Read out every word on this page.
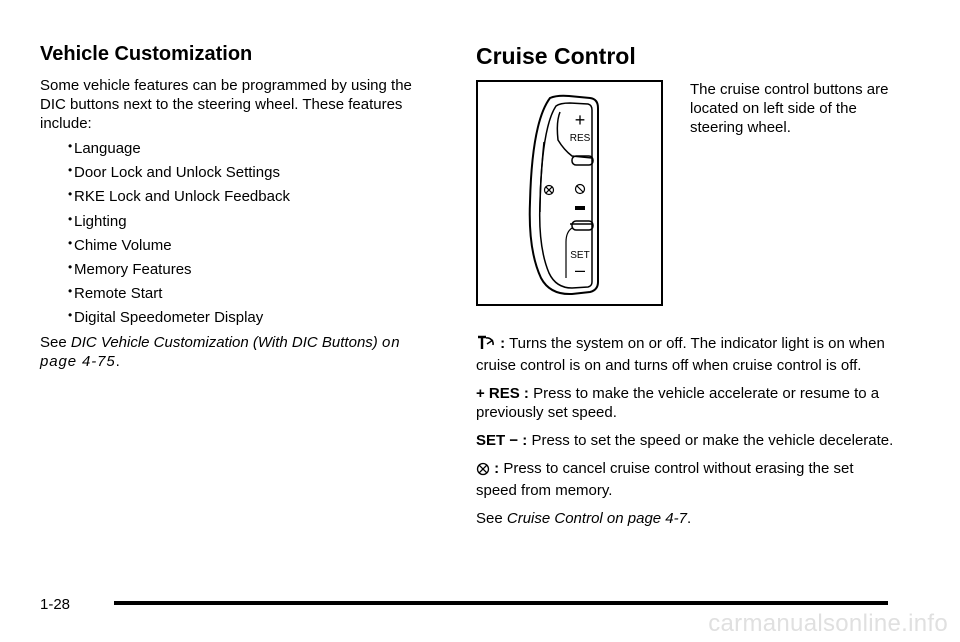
Vehicle Customization

Some vehicle features can be programmed by using the DIC buttons next to the steering wheel. These features include:

• Language
• Door Lock and Unlock Settings
• RKE Lock and Unlock Feedback
• Lighting
• Chime Volume
• Memory Features
• Remote Start
• Digital Speedometer Display

See DIC Vehicle Customization (With DIC Buttons) on page 4‑75.

Cruise Control
+
RES
SET
–

The cruise control buttons are located on left side of the steering wheel.

: Turns the system on or off. The indicator light is on when cruise control is on and turns off when cruise control is off.

+ RES : Press to make the vehicle accelerate or resume to a previously set speed.

SET − : Press to set the speed or make the vehicle decelerate.

: Press to cancel cruise control without erasing the set speed from memory.

See Cruise Control on page 4‑7.

1‑28
carmanualsonline.info
